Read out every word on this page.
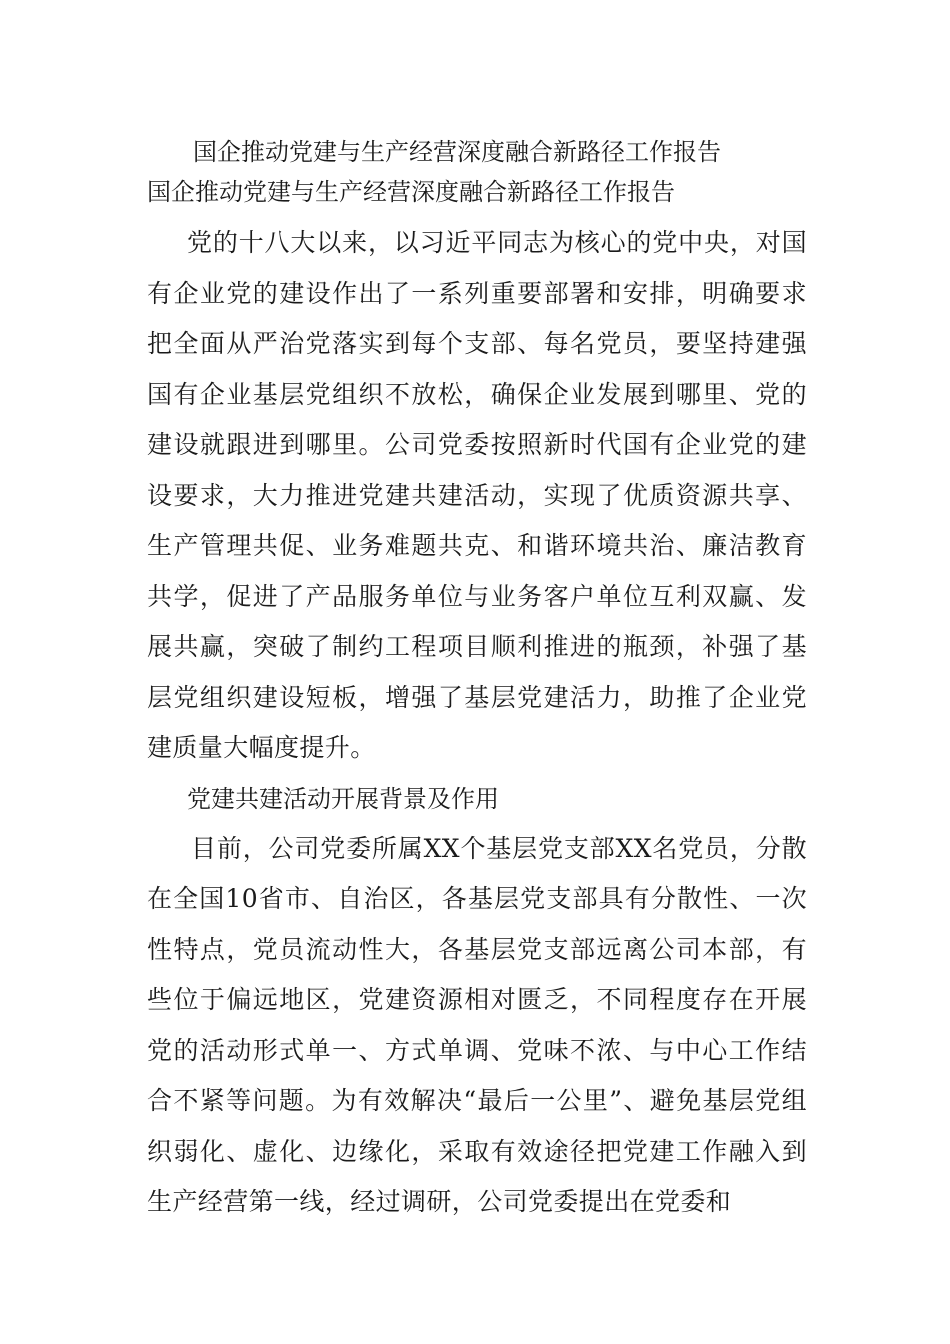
国企推动党建与生产经营深度融合新路径工作报告
国企推动党建与生产经营深度融合新路径工作报告

党的十八大以来，以习近平同志为核心的党中央，对国有企业党的建设作出了一系列重要部署和安排，明确要求把全面从严治党落实到每个支部、每名党员，要坚持建强国有企业基层党组织不放松，确保企业发展到哪里、党的建设就跟进到哪里。公司党委按照新时代国有企业党的建设要求，大力推进党建共建活动，实现了优质资源共享、生产管理共促、业务难题共克、和谐环境共治、廉洁教育共学，促进了产品服务单位与业务客户单位互利双赢、发展共赢，突破了制约工程项目顺利推进的瓶颈，补强了基层党组织建设短板，增强了基层党建活力，助推了企业党建质量大幅度提升。

党建共建活动开展背景及作用

目前，公司党委所属XX个基层党支部XX名党员，分散在全国10省市、自治区，各基层党支部具有分散性、一次性特点，党员流动性大，各基层党支部远离公司本部，有些位于偏远地区，党建资源相对匮乏，不同程度存在开展党的活动形式单一、方式单调、党味不浓、与中心工作结合不紧等问题。为有效解决“最后一公里”、避免基层党组织弱化、虚化、边缘化，采取有效途径把党建工作融入到生产经营第一线，经过调研，公司党委提出在党委和
